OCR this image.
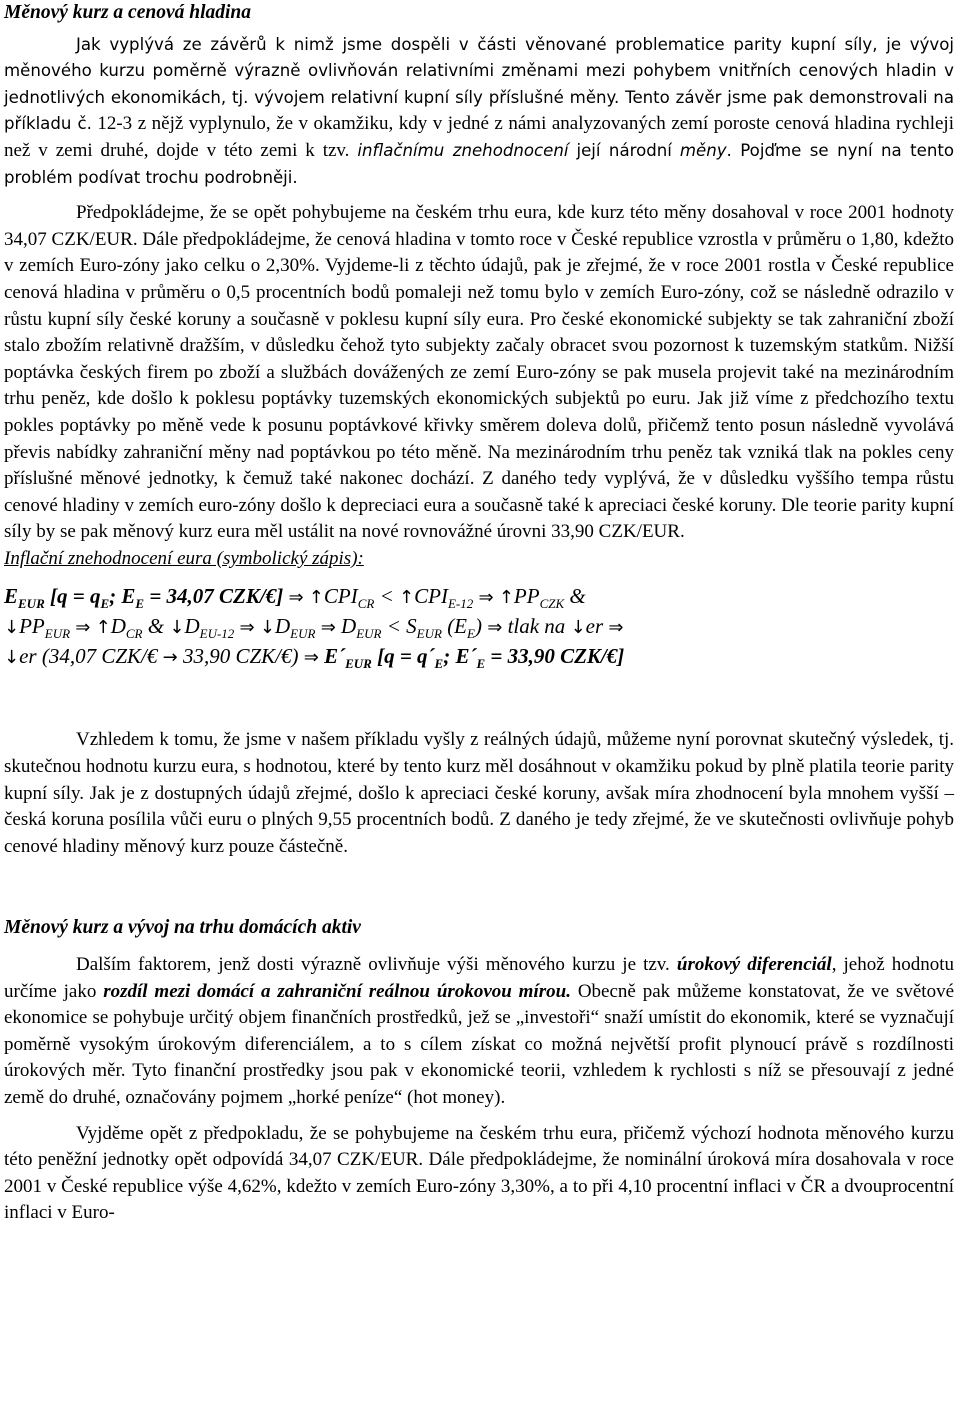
Měnový kurz a cenová hladina

Jak vyplývá ze závěrů k nimž jsme dospěli v části věnované problematice parity kupní síly, je vývoj měnového kurzu poměrně výrazně ovlivňován relativními změnami mezi pohybem vnitřních cenových hladin v jednotlivých ekonomikách, tj. vývojem relativní kupní síly příslušné měny. Tento závěr jsme pak demonstrovali na příkladu č. 12-3 z nějž vyplynulo, že v okamžiku, kdy v jedné z námi analyzovaných zemí poroste cenová hladina rychleji než v zemi druhé, dojde v této zemi k tzv. inflačnímu znehodnocení její národní měny. Pojďme se nyní na tento problém podívat trochu podrobněji.

Předpokládejme, že se opět pohybujeme na českém trhu eura, kde kurz této měny dosahoval v roce 2001 hodnoty 34,07 CZK/EUR. Dále předpokládejme, že cenová hladina v tomto roce v České republice vzrostla v průměru o 1,80, kdežto v zemích Euro-zóny jako celku o 2,30%. Vyjdeme-li z těchto údajů, pak je zřejmé, že v roce 2001 rostla v České republice cenová hladina v průměru o 0,5 procentních bodů pomaleji než tomu bylo v zemích Euro-zóny, což se následně odrazilo v růstu kupní síly české koruny a současně v poklesu kupní síly eura. Pro české ekonomické subjekty se tak zahraniční zboží stalo zbožím relativně dražším, v důsledku čehož tyto subjekty začaly obracet svou pozornost k tuzemským statkům. Nižší poptávka českých firem po zboží a službách dovážených ze zemí Euro-zóny se pak musela projevit také na mezinárodním trhu peněz, kde došlo k poklesu poptávky tuzemských ekonomických subjektů po euru. Jak již víme z předchozího textu pokles poptávky po měně vede k posunu poptávkové křivky směrem doleva dolů, přičemž tento posun následně vyvolává převis nabídky zahraniční měny nad poptávkou po této měně. Na mezinárodním trhu peněz tak vzniká tlak na pokles ceny příslušné měnové jednotky, k čemuž také nakonec dochází. Z daného tedy vyplývá, že v důsledku vyššího tempa růstu cenové hladiny v zemích euro-zóny došlo k depreciaci eura a současně také k apreciaci české koruny. Dle teorie parity kupní síly by se pak měnový kurz eura měl ustálit na nové rovnovážné úrovni 33,90 CZK/EUR.

Inflační znehodnocení eura (symbolický zápis):

$E_{EUR}$ [$q = q_E$; $E_E = 34,07$ CZK/€] ⇒ $↑CPI_{CR}$ < $↑CPI_{E-12}$ ⇒ $↑PP_{CZK}$ &
$↓PP_{EUR}$ ⇒ $↑D_{CR}$ & $↓D_{EU-12}$ ⇒ $↓D_{EUR}$ ⇒ $D_{EUR} < S_{EUR}$ $(E_E)$ ⇒ tlak na ↓er ⇒
↓er (34,07 CZK/€ → 33,90 CZK/€) ⇒ $E´_{EUR}$ [$q = q´_E$; $E´_E = 33,90$ CZK/€]

Vzhledem k tomu, že jsme v našem příkladu vyšly z reálných údajů, můžeme nyní porovnat skutečný výsledek, tj. skutečnou hodnotu kurzu eura, s hodnotou, které by tento kurz měl dosáhnout v okamžiku pokud by plně platila teorie parity kupní síly. Jak je z dostupných údajů zřejmé, došlo k apreciaci české koruny, avšak míra zhodnocení byla mnohem vyšší – česká koruna posílila vůči euru o plných 9,55 procentních bodů. Z daného je tedy zřejmé, že ve skutečnosti ovlivňuje pohyb cenové hladiny měnový kurz pouze částečně.

Měnový kurz a vývoj na trhu domácích aktiv

Dalším faktorem, jenž dosti výrazně ovlivňuje výši měnového kurzu je tzv. úrokový diferenciál, jehož hodnotu určíme jako rozdíl mezi domácí a zahraniční reálnou úrokovou mírou. Obecně pak můžeme konstatovat, že ve světové ekonomice se pohybuje určitý objem finančních prostředků, jež se „investoři“ snaží umístit do ekonomik, které se vyznačují poměrně vysokým úrokovým diferenciálem, a to s cílem získat co možná největší profit plynoucí právě s rozdílnosti úrokových měr. Tyto finanční prostředky jsou pak v ekonomické teorii, vzhledem k rychlosti s níž se přesouvají z jedné země do druhé, označovány pojmem „horké peníze“ (hot money).

Vyjděme opět z předpokladu, že se pohybujeme na českém trhu eura, přičemž výchozí hodnota měnového kurzu této peněžní jednotky opět odpovídá 34,07 CZK/EUR. Dále předpokládejme, že nominální úroková míra dosahovala v roce 2001 v České republice výše 4,62%, kdežto v zemích Euro-zóny 3,30%, a to při 4,10 procentní inflaci v ČR a dvouprocentní inflaci v Euro-
